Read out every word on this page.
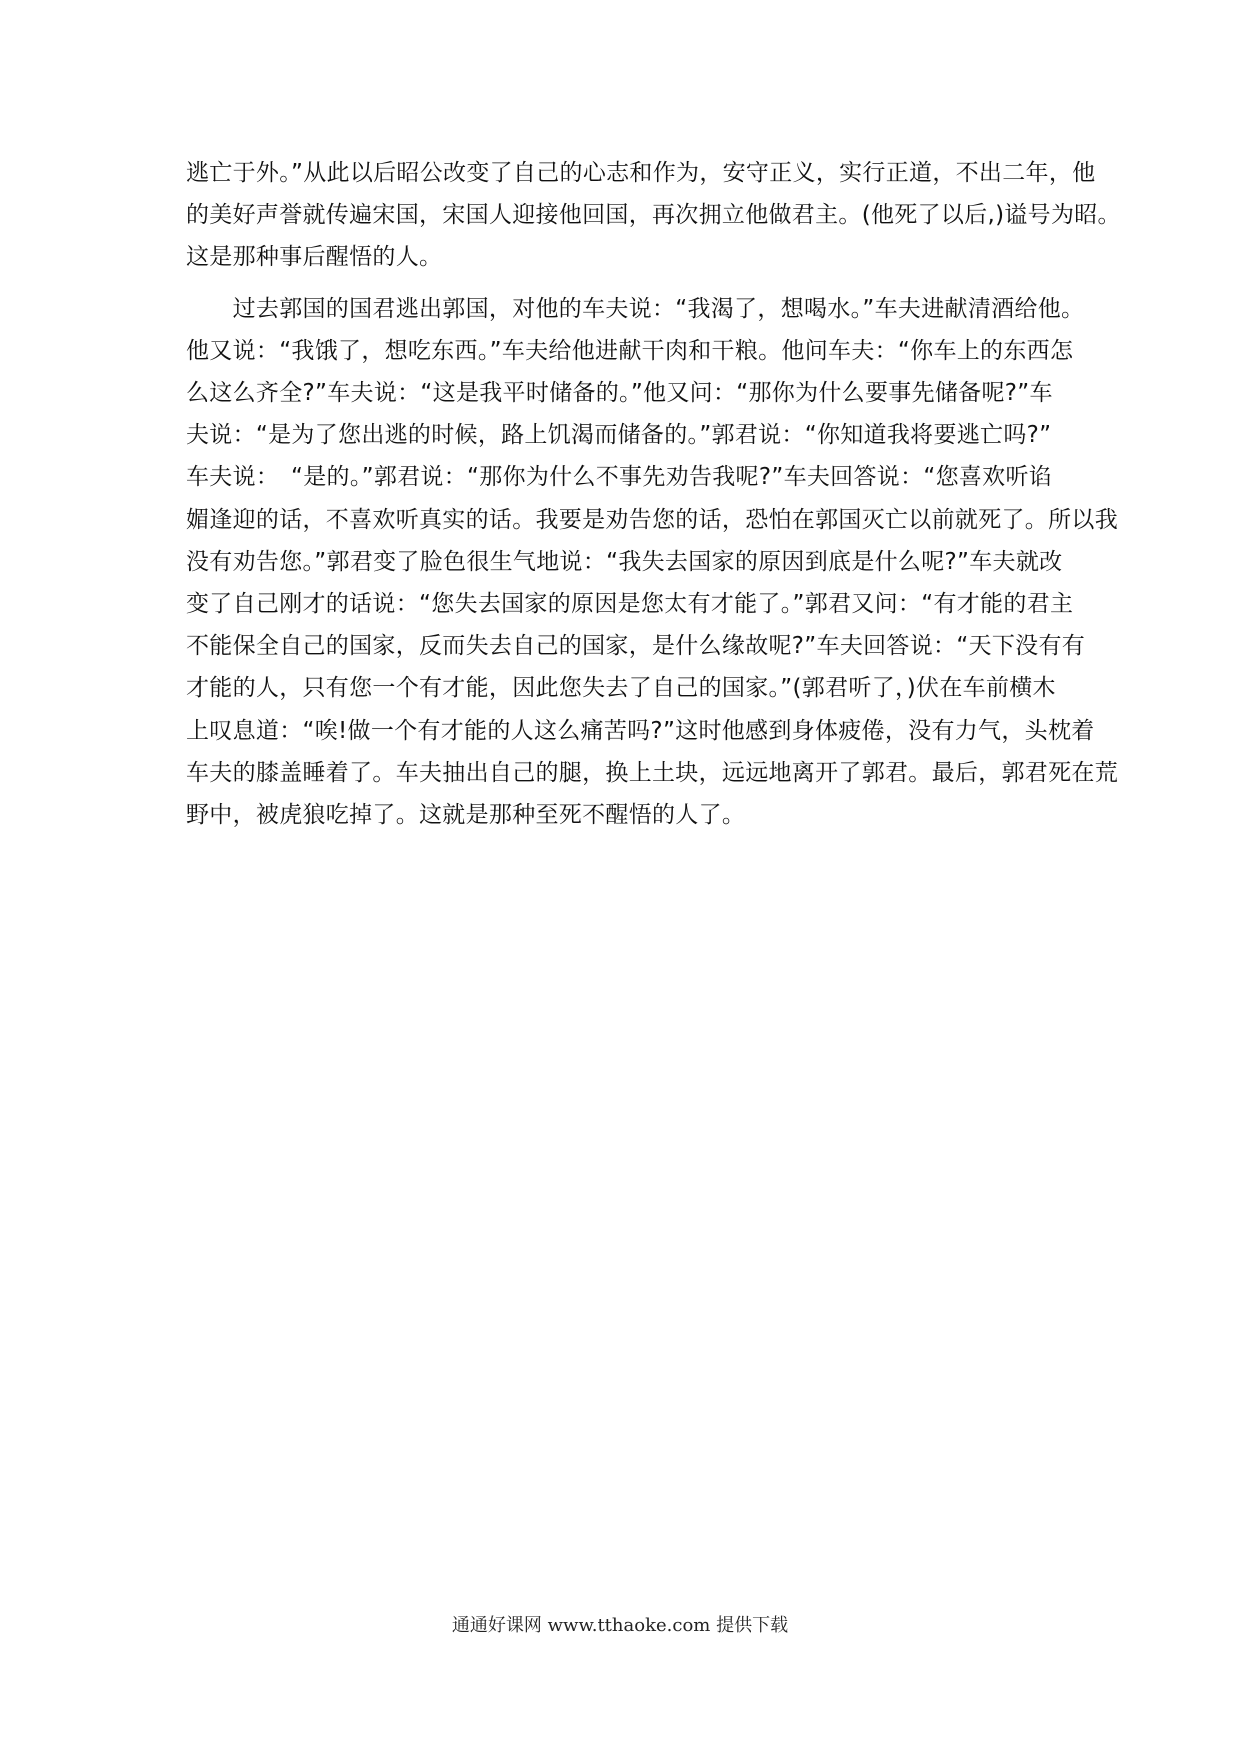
逃亡于外。”从此以后昭公改变了自己的心志和作为，安守正义，实行正道，不出二年，他
的美好声誉就传遍宋国，宋国人迎接他回国，再次拥立他做君主。(他死了以后,)谥号为昭。
这是那种事后醒悟的人。
　　过去郭国的国君逃出郭国，对他的车夫说：“我渴了，想喝水。”车夫进献清酒给他。
他又说：“我饿了，想吃东西。”车夫给他进献干肉和干粮。他问车夫：“你车上的东西怎
么这么齐全?”车夫说：“这是我平时储备的。”他又问：“那你为什么要事先储备呢?”车
夫说：“是为了您出逃的时候，路上饥渴而储备的。”郭君说：“你知道我将要逃亡吗?”
车夫说：　“是的。”郭君说：“那你为什么不事先劝告我呢?”车夫回答说：“您喜欢听谄
媚逢迎的话，不喜欢听真实的话。我要是劝告您的话，恐怕在郭国灭亡以前就死了。所以我
没有劝告您。”郭君变了脸色很生气地说：“我失去国家的原因到底是什么呢?”车夫就改
变了自己刚才的话说：“您失去国家的原因是您太有才能了。”郭君又问：“有才能的君主
不能保全自己的国家，反而失去自己的国家，是什么缘故呢?”车夫回答说：“天下没有有
才能的人，只有您一个有才能，因此您失去了自己的国家。”(郭君听了，)伏在车前横木
上叹息道：“唉!做一个有才能的人这么痛苦吗?”这时他感到身体疲倦，没有力气，头枕着
车夫的膝盖睡着了。车夫抽出自己的腿，换上土块，远远地离开了郭君。最后，郭君死在荒
野中，被虎狼吃掉了。这就是那种至死不醒悟的人了。
通通好课网 www.tthaoke.com 提供下载
